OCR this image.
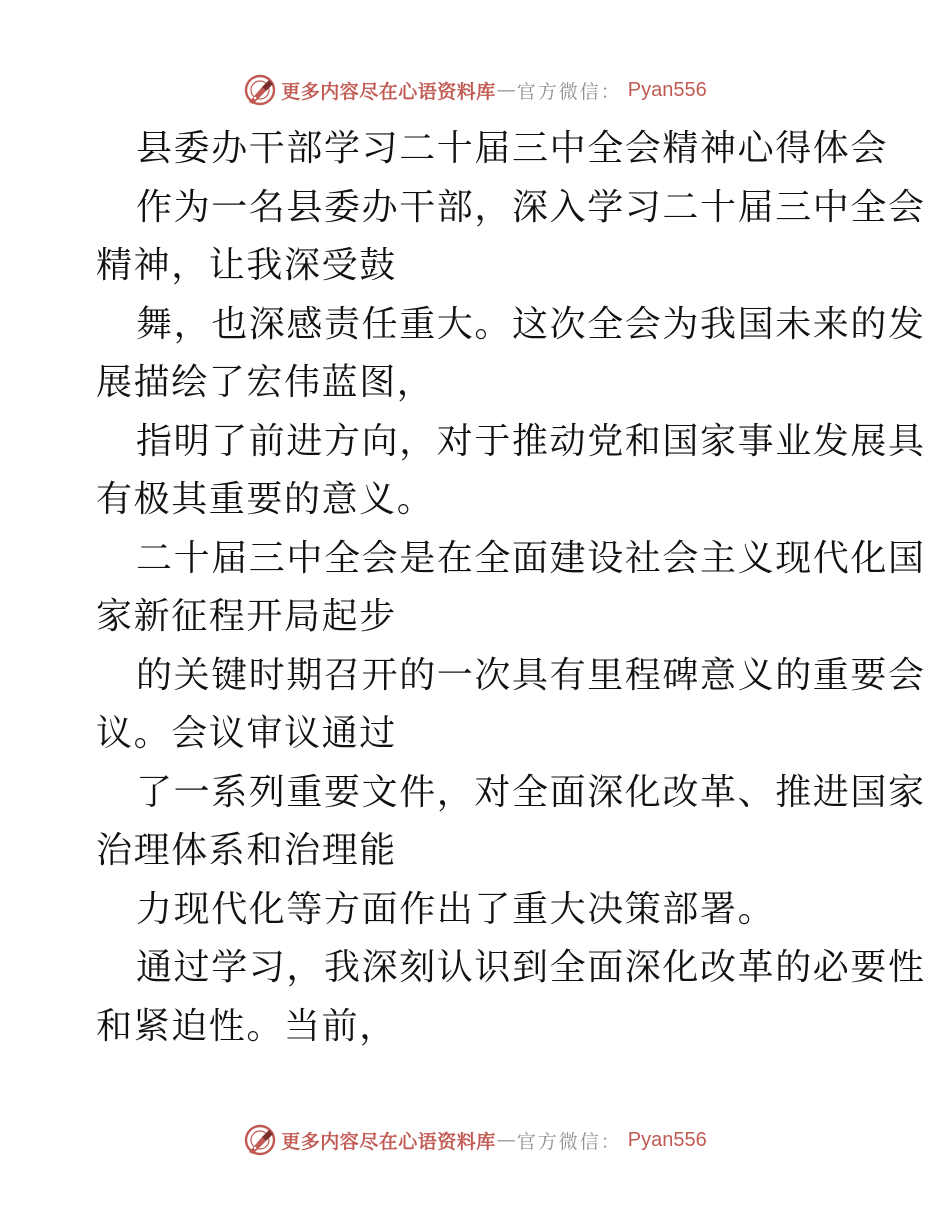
更多内容尽在心语资料库 — 官方微信： Pyan556
县委办干部学习二十届三中全会精神心得体会
作为一名县委办干部，深入学习二十届三中全会
精神，让我深受鼓
舞，也深感责任重大。这次全会为我国未来的发
展描绘了宏伟蓝图，
指明了前进方向，对于推动党和国家事业发展具
有极其重要的意义。
二十届三中全会是在全面建设社会主义现代化国
家新征程开局起步
的关键时期召开的一次具有里程碑意义的重要会
议。会议审议通过
了一系列重要文件，对全面深化改革、推进国家
治理体系和治理能
力现代化等方面作出了重大决策部署。
通过学习，我深刻认识到全面深化改革的必要性
和紧迫性。当前，
更多内容尽在心语资料库 — 官方微信： Pyan556
